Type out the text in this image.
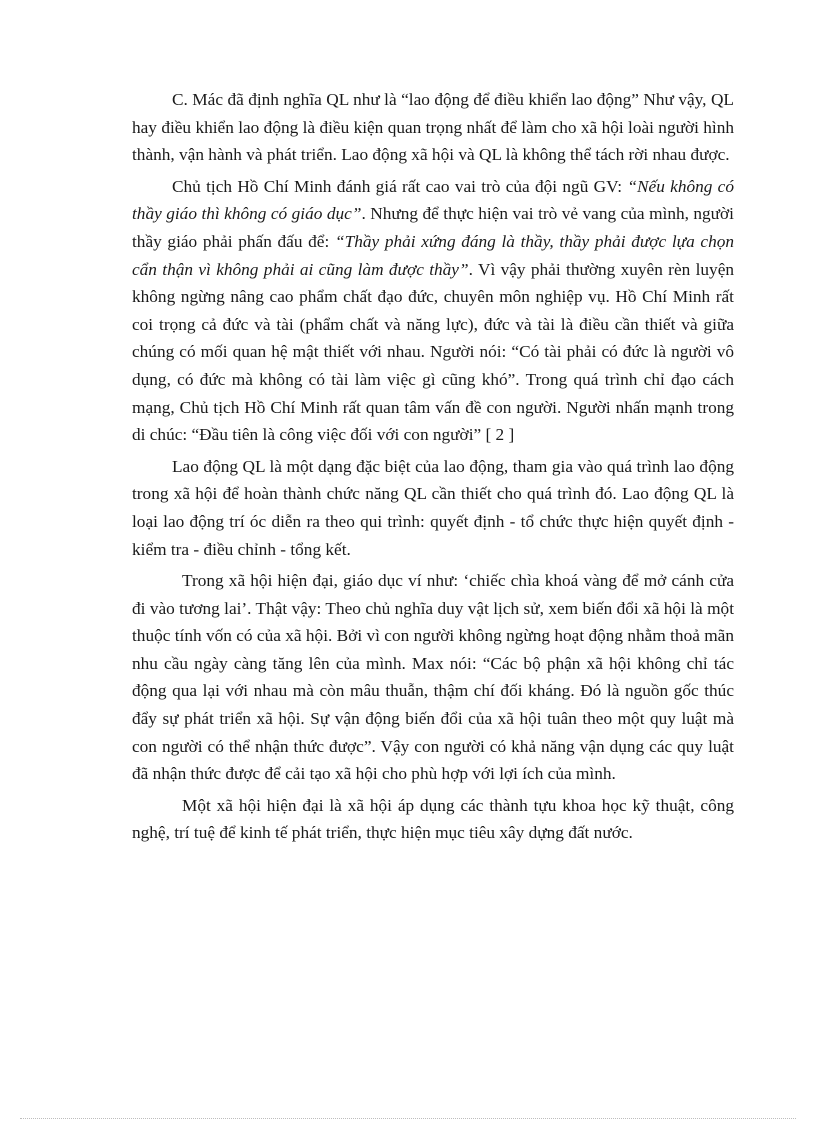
C. Mác đã định nghĩa QL như là “lao động để điều khiển lao động” Như vậy, QL hay điều khiển lao động là điều kiện quan trọng nhất để làm cho xã hội loài người hình thành, vận hành và phát triển. Lao động xã hội và QL là không thể tách rời nhau được.

Chủ tịch Hồ Chí Minh đánh giá rất cao vai trò của đội ngũ GV: “Nếu không có thầy giáo thì không có giáo dục”. Nhưng để thực hiện vai trò vẻ vang của mình, người thầy giáo phải phấn đấu để: “Thầy phải xứng đáng là thầy, thầy phải được lựa chọn cẩn thận vì không phải ai cũng làm được thầy”. Vì vậy phải thường xuyên rèn luyện không ngừng nâng cao phẩm chất đạo đức, chuyên môn nghiệp vụ. Hồ Chí Minh rất coi trọng cả đức và tài (phẩm chất và năng lực), đức và tài là điều cần thiết và giữa chúng có mối quan hệ mật thiết với nhau. Người nói: “Có tài phải có đức là người vô dụng, có đức mà không có tài làm việc gì cũng khó”. Trong quá trình chỉ đạo cách mạng, Chủ tịch Hồ Chí Minh rất quan tâm vấn đề con người. Người nhấn mạnh trong di chúc: “Đầu tiên là công việc đối với con người” [ 2 ]

Lao động QL là một dạng đặc biệt của lao động, tham gia vào quá trình lao động trong xã hội để hoàn thành chức năng QL cần thiết cho quá trình đó. Lao động QL là loại lao động trí óc diễn ra theo qui trình: quyết định - tổ chức thực hiện quyết định - kiểm tra - điều chỉnh - tổng kết.

Trong xã hội hiện đại, giáo dục ví như: ‘chiếc chìa khoá vàng để mở cánh cửa đi vào tương lai’. Thật vậy: Theo chủ nghĩa duy vật lịch sử, xem biến đổi xã hội là một thuộc tính vốn có của xã hội. Bởi vì con người không ngừng hoạt động nhằm thoả mãn nhu cầu ngày càng tăng lên của mình. Max nói: “Các bộ phận xã hội không chỉ tác động qua lại với nhau mà còn mâu thuẫn, thậm chí đối kháng. Đó là nguồn gốc thúc đẩy sự phát triển xã hội. Sự vận động biến đổi của xã hội tuân theo một quy luật mà con người có thể nhận thức được”. Vậy con người có khả năng vận dụng các quy luật đã nhận thức được để cải tạo xã hội cho phù hợp với lợi ích của mình.

Một xã hội hiện đại là xã hội áp dụng các thành tựu khoa học kỹ thuật, công nghệ, trí tuệ để kinh tế phát triển, thực hiện mục tiêu xây dựng đất nước.
